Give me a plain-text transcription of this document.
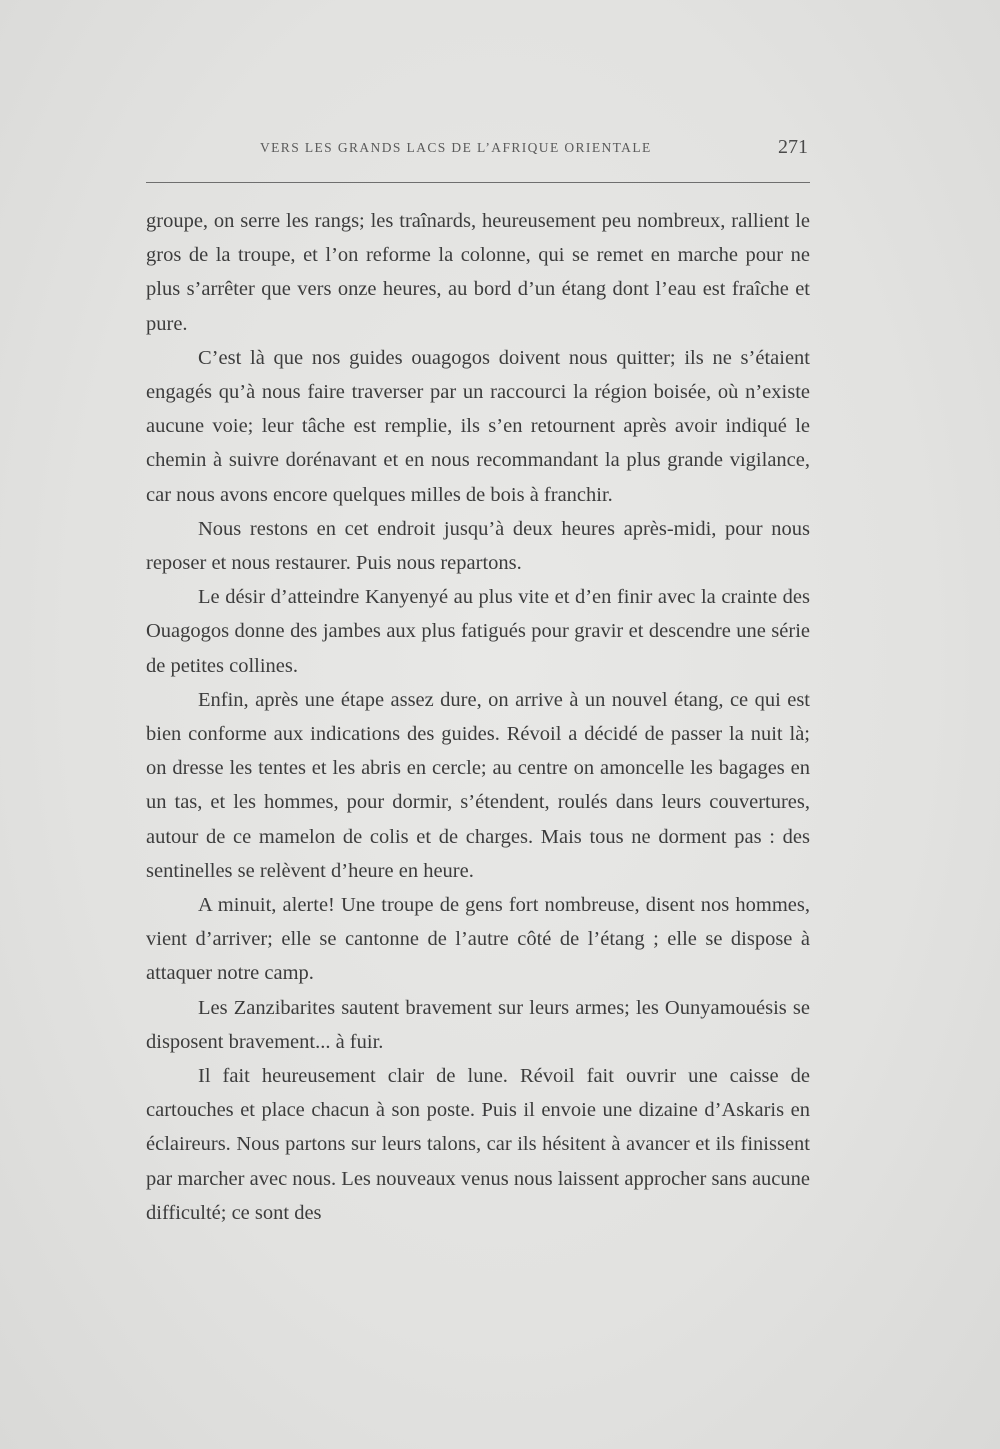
VERS LES GRANDS LACS DE L’AFRIQUE ORIENTALE	271

groupe, on serre les rangs; les traînards, heureusement peu nombreux, rallient le gros de la troupe, et l’on reforme la colonne, qui se remet en marche pour ne plus s’arrêter que vers onze heures, au bord d’un étang dont l’eau est fraîche et pure.

C’est là que nos guides ouagogos doivent nous quitter; ils ne s’étaient engagés qu’à nous faire traverser par un raccourci la région boisée, où n’existe aucune voie; leur tâche est remplie, ils s’en retournent après avoir indiqué le chemin à suivre dorénavant et en nous recommandant la plus grande vigilance, car nous avons encore quelques milles de bois à franchir.

Nous restons en cet endroit jusqu’à deux heures après-midi, pour nous reposer et nous restaurer. Puis nous repartons.

Le désir d’atteindre Kanyenyé au plus vite et d’en finir avec la crainte des Ouagogos donne des jambes aux plus fatigués pour gravir et descendre une série de petites collines.

Enfin, après une étape assez dure, on arrive à un nouvel étang, ce qui est bien conforme aux indications des guides. Révoil a décidé de passer la nuit là; on dresse les tentes et les abris en cercle; au centre on amoncelle les bagages en un tas, et les hommes, pour dormir, s’étendent, roulés dans leurs couvertures, autour de ce mamelon de colis et de charges. Mais tous ne dorment pas : des sentinelles se relèvent d’heure en heure.

A minuit, alerte! Une troupe de gens fort nombreuse, disent nos hommes, vient d’arriver; elle se cantonne de l’autre côté de l’étang ; elle se dispose à attaquer notre camp.

Les Zanzibarites sautent bravement sur leurs armes; les Ounyamouésis se disposent bravement... à fuir.

Il fait heureusement clair de lune. Révoil fait ouvrir une caisse de cartouches et place chacun à son poste. Puis il envoie une dizaine d’Askaris en éclaireurs. Nous partons sur leurs talons, car ils hésitent à avancer et ils finissent par marcher avec nous. Les nouveaux venus nous laissent approcher sans aucune difficulté; ce sont des
